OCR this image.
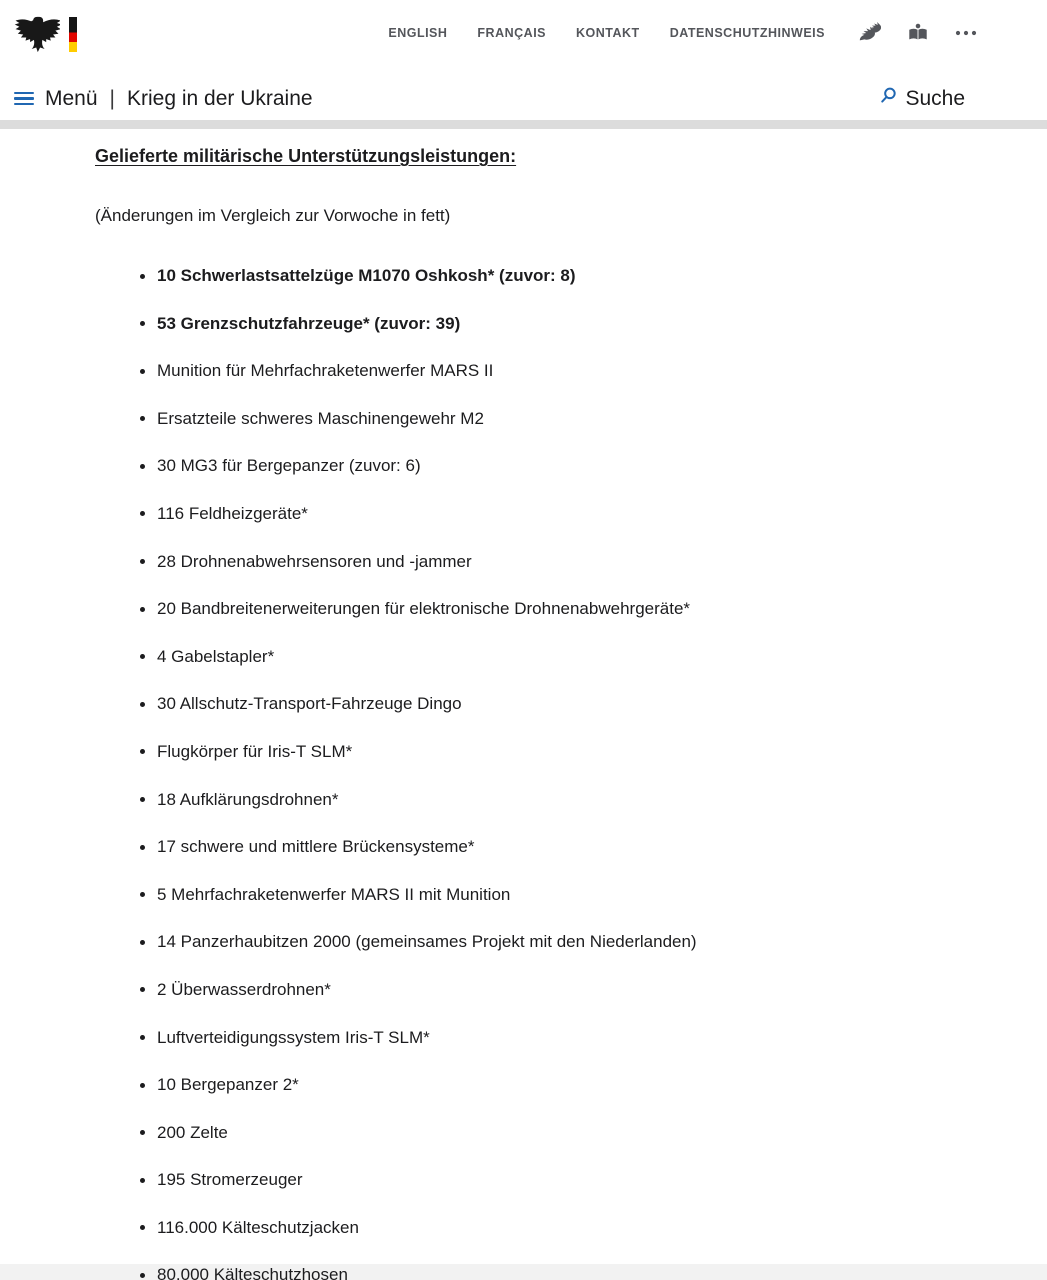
ENGLISH FRANÇAIS KONTAKT DATENSCHUTZHINWEIS
Menü | Krieg in der Ukraine	Suche
Gelieferte militärische Unterstützungsleistungen:

(Änderungen im Vergleich zur Vorwoche in fett)

10 Schwerlastsattelzüge M1070 Oshkosh* (zuvor: 8)
53 Grenzschutzfahrzeuge* (zuvor: 39)
Munition für Mehrfachraketenwerfer MARS II
Ersatzteile schweres Maschinengewehr M2
30 MG3 für Bergepanzer (zuvor: 6)
116 Feldheizgeräte*
28 Drohnenabwehrsensoren und -jammer
20 Bandbreitenerweiterungen für elektronische Drohnenabwehrgeräte*
4 Gabelstapler*
30 Allschutz-Transport-Fahrzeuge Dingo
Flugkörper für Iris-T SLM*
18 Aufklärungsdrohnen*
17 schwere und mittlere Brückensysteme*
5 Mehrfachraketenwerfer MARS II mit Munition
14 Panzerhaubitzen 2000 (gemeinsames Projekt mit den Niederlanden)
2 Überwasserdrohnen*
Luftverteidigungssystem Iris-T SLM*
10 Bergepanzer 2*
200 Zelte
195 Stromerzeuger
116.000 Kälteschutzjacken
80.000 Kälteschutzhosen
